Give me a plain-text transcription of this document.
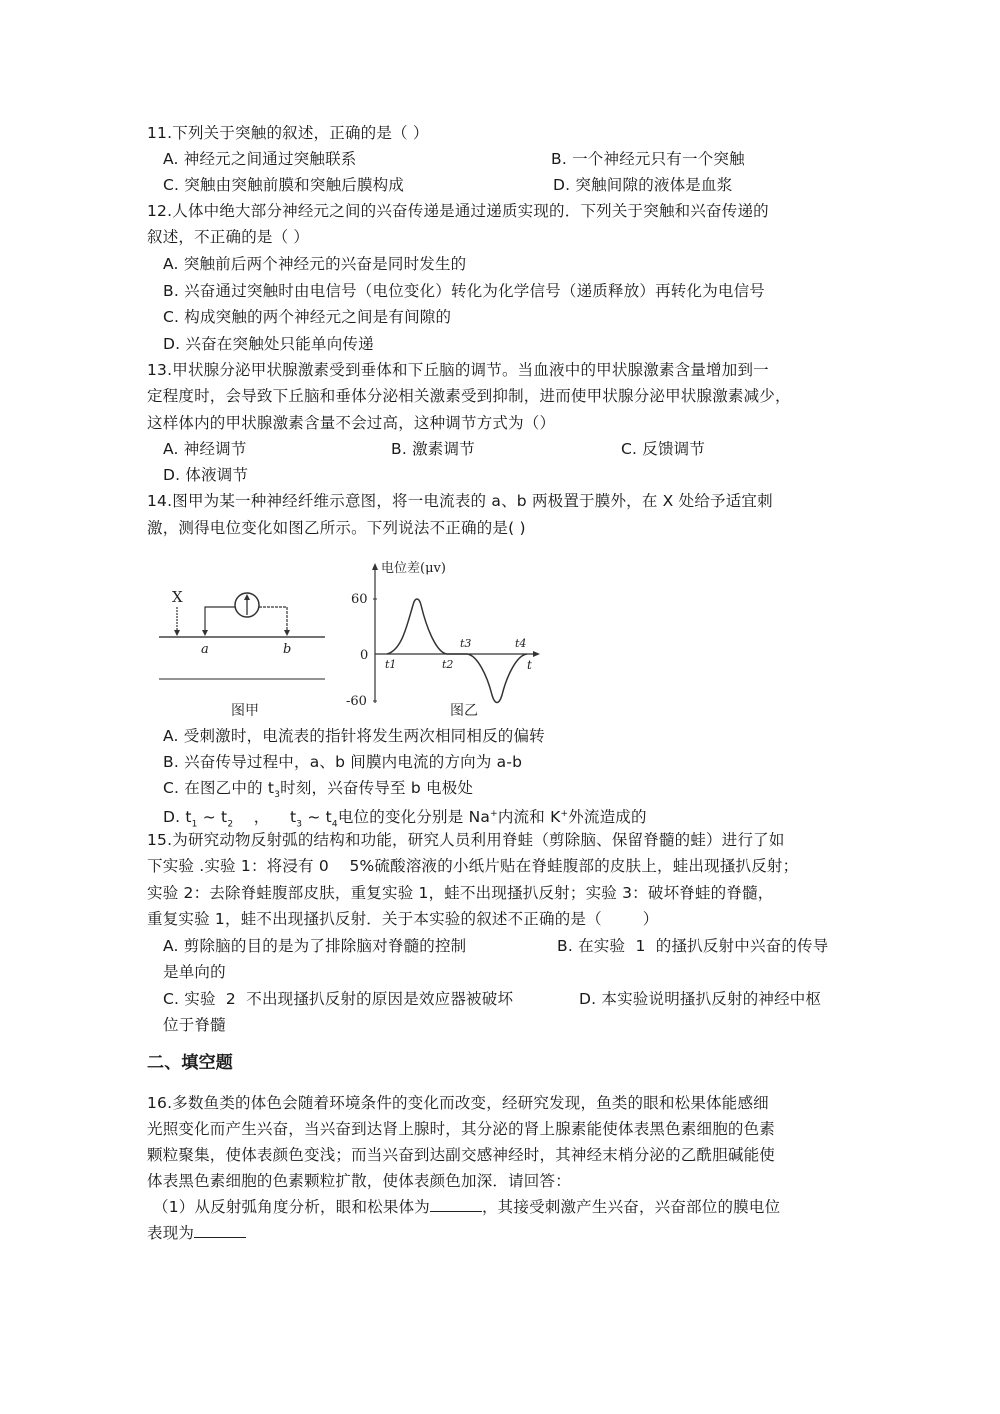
11.下列关于突触的叙述，正确的是（ ）
A. 神经元之间通过突触联系	B. 一个神经元只有一个突触
C. 突触由突触前膜和突触后膜构成	D. 突触间隙的液体是血浆
12.人体中绝大部分神经元之间的兴奋传递是通过递质实现的．下列关于突触和兴奋传递的
叙述，不正确的是（ ）
A. 突触前后两个神经元的兴奋是同时发生的
B. 兴奋通过突触时由电信号（电位变化）转化为化学信号（递质释放）再转化为电信号
C. 构成突触的两个神经元之间是有间隙的
D. 兴奋在突触处只能单向传递
13.甲状腺分泌甲状腺激素受到垂体和下丘脑的调节。当血液中的甲状腺激素含量增加到一
定程度时，会导致下丘脑和垂体分泌相关激素受到抑制，进而使甲状腺分泌甲状腺激素减少，
这样体内的甲状腺激素含量不会过高，这种调节方式为（）
A. 神经调节	B. 激素调节	C. 反馈调节
D. 体液调节
14.图甲为某一种神经纤维示意图，将一电流表的 a、b 两极置于膜外，在 X 处给予适宜刺
激，测得电位变化如图乙所示。下列说法不正确的是( )
X
a	b
图甲
电位差(μv)
t
60
0
-60
t1	t2
t3	t4
图乙
A. 受刺激时，电流表的指针将发生两次相同相反的偏转
B. 兴奋传导过程中，a、b 间膜内电流的方向为 a-b
C. 在图乙中的 $t_3$时刻，兴奋传导至 b 电极处
D. $t_1$ ~ $t_2$    ，    $t_3$ ~ $t_4$电位的变化分别是 Na+内流和 K+外流造成的
15.为研究动物反射弧的结构和功能，研究人员利用脊蛙（剪除脑、保留脊髓的蛙）进行了如
下实验 .实验 1：将浸有 0    5%硫酸溶液的小纸片贴在脊蛙腹部的皮肤上，蛙出现搔扒反射；
实验 2：去除脊蛙腹部皮肤，重复实验 1，蛙不出现搔扒反射；实验 3：破坏脊蛙的脊髓，
重复实验 1，蛙不出现搔扒反射．关于本实验的叙述不正确的是（        ）
A. 剪除脑的目的是为了排除脑对脊髓的控制	B. 在实验  1  的搔扒反射中兴奋的传导
是单向的
C. 实验  2  不出现搔扒反射的原因是效应器被破坏	D. 本实验说明搔扒反射的神经中枢
位于脊髓
二、填空题
16.多数鱼类的体色会随着环境条件的变化而改变，经研究发现，鱼类的眼和松果体能感细
光照变化而产生兴奋，当兴奋到达肾上腺时，其分泌的肾上腺素能使体表黑色素细胞的色素
颗粒聚集，使体表颜色变浅；而当兴奋到达副交感神经时，其神经末梢分泌的乙酰胆碱能使
体表黑色素细胞的色素颗粒扩散，使体表颜色加深．请回答：
（1）从反射弧角度分析，眼和松果体为	，其接受刺激产生兴奋，兴奋部位的膜电位
表现为
